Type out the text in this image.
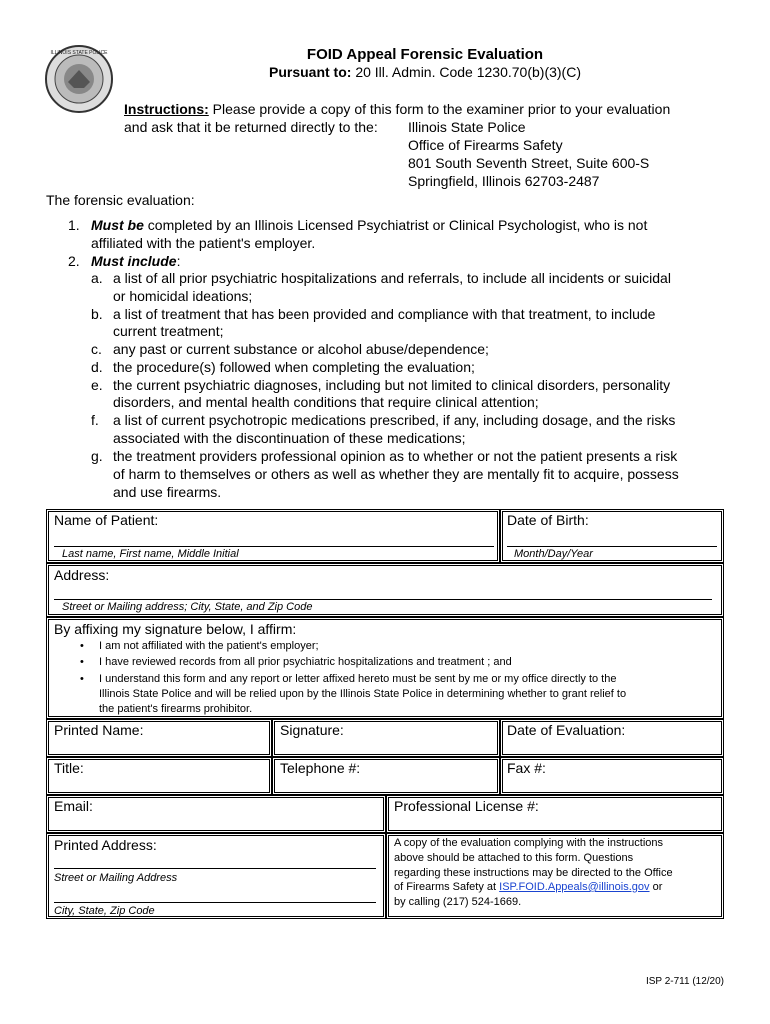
ILLINOIS STATE POLICE	FOID Appeal Forensic Evaluation
Pursuant to: 20 Ill. Admin. Code 1230.70(b)(3)(C)
Instructions: Please provide a copy of this form to the examiner prior to your evaluation
and ask that it be returned directly to the: Illinois State Police
Office of Firearms Safety
801 South Seventh Street, Suite 600-S
Springfield, Illinois 62703-2487
The forensic evaluation:
1. Must be completed by an Illinois Licensed Psychiatrist or Clinical Psychologist, who is not
affiliated with the patient's employer.
2. Must include:
a. a list of all prior psychiatric hospitalizations and referrals, to include all incidents or suicidal
or homicidal ideations;
b. a list of treatment that has been provided and compliance with that treatment, to include
current treatment;
c. any past or current substance or alcohol abuse/dependence;
d. the procedure(s) followed when completing the evaluation;
e. the current psychiatric diagnoses, including but not limited to clinical disorders, personality
disorders, and mental health conditions that require clinical attention;
f. a list of current psychotropic medications prescribed, if any, including dosage, and the risks
associated with the discontinuation of these medications;
g. the treatment providers professional opinion as to whether or not the patient presents a risk
of harm to themselves or others as well as whether they are mentally fit to acquire, possess
and use firearms.
Name of Patient:	Date of Birth:
Last name, First name, Middle Initial	Month/Day/Year
Address:
Street or Mailing address; City, State, and Zip Code
By affixing my signature below, I affirm:
• I am not affiliated with the patient's employer;
• I have reviewed records from all prior psychiatric hospitalizations and treatment ; and
• I understand this form and any report or letter affixed hereto must be sent by me or my office directly to the
Illinois State Police and will be relied upon by the Illinois State Police in determining whether to grant relief to
the patient's firearms prohibitor.
Printed Name:	Signature:	Date of Evaluation:
Title:	Telephone #:	Fax #:
Email:	Professional License #:
Printed Address:
Street or Mailing Address
City, State, Zip Code
A copy of the evaluation complying with the instructions
above should be attached to this form. Questions
regarding these instructions may be directed to the Office
of Firearms Safety at ISP.FOID.Appeals@illinois.gov or
by calling (217) 524-1669.
ISP 2-711 (12/20)
